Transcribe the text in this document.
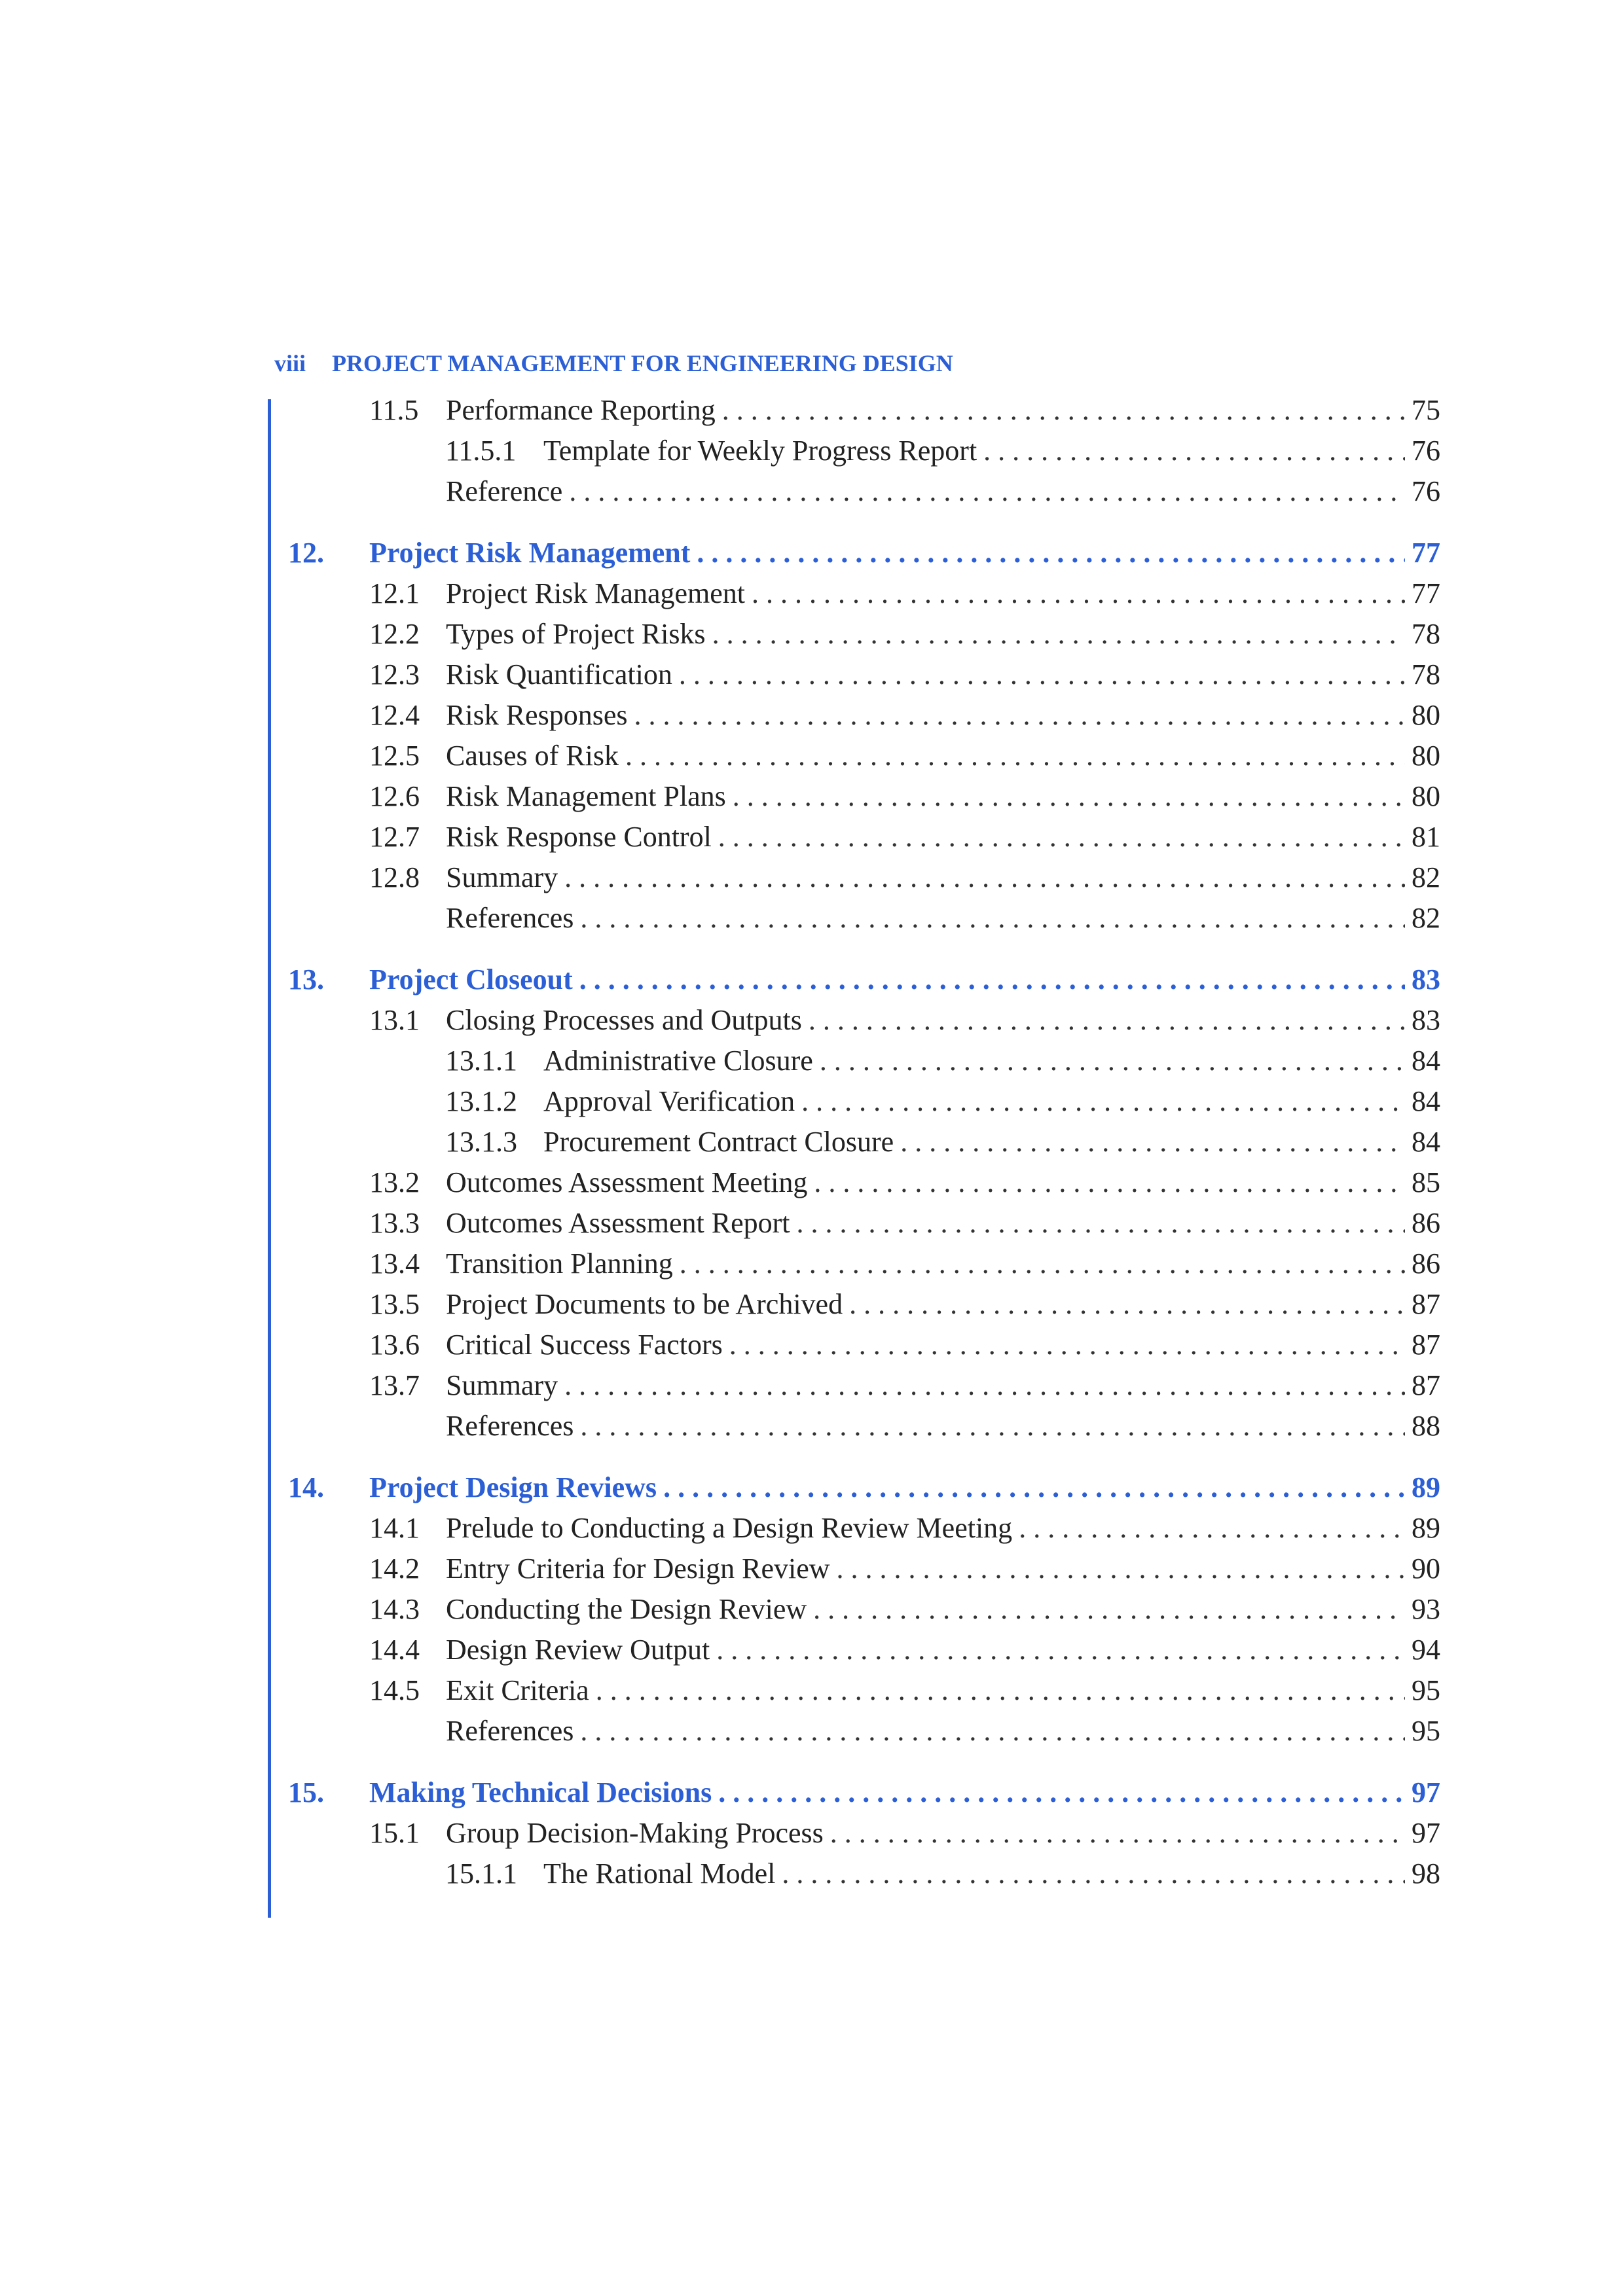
viii PROJECT MANAGEMENT FOR ENGINEERING DESIGN
11.5 Performance Reporting . . .	75
11.5.1 Template for Weekly Progress Report . . .	76
Reference . . .	76
12. Project Risk Management . . .	77
12.1 Project Risk Management . . .	77
12.2 Types of Project Risks . . .	78
12.3 Risk Quantification . . .	78
12.4 Risk Responses . . .	80
12.5 Causes of Risk . . .	80
12.6 Risk Management Plans . . .	80
12.7 Risk Response Control . . .	81
12.8 Summary . . .	82
References . . .	82
13. Project Closeout . . .	83
13.1 Closing Processes and Outputs . . .	83
13.1.1 Administrative Closure . . .	84
13.1.2 Approval Verification . . .	84
13.1.3 Procurement Contract Closure . . .	84
13.2 Outcomes Assessment Meeting . . .	85
13.3 Outcomes Assessment Report . . .	86
13.4 Transition Planning . . .	86
13.5 Project Documents to be Archived . . .	87
13.6 Critical Success Factors . . .	87
13.7 Summary . . .	87
References . . .	88
14. Project Design Reviews . . .	89
14.1 Prelude to Conducting a Design Review Meeting . . .	89
14.2 Entry Criteria for Design Review . . .	90
14.3 Conducting the Design Review . . .	93
14.4 Design Review Output . . .	94
14.5 Exit Criteria . . .	95
References . . .	95
15. Making Technical Decisions . . .	97
15.1 Group Decision-Making Process . . .	97
15.1.1 The Rational Model . . .	98
